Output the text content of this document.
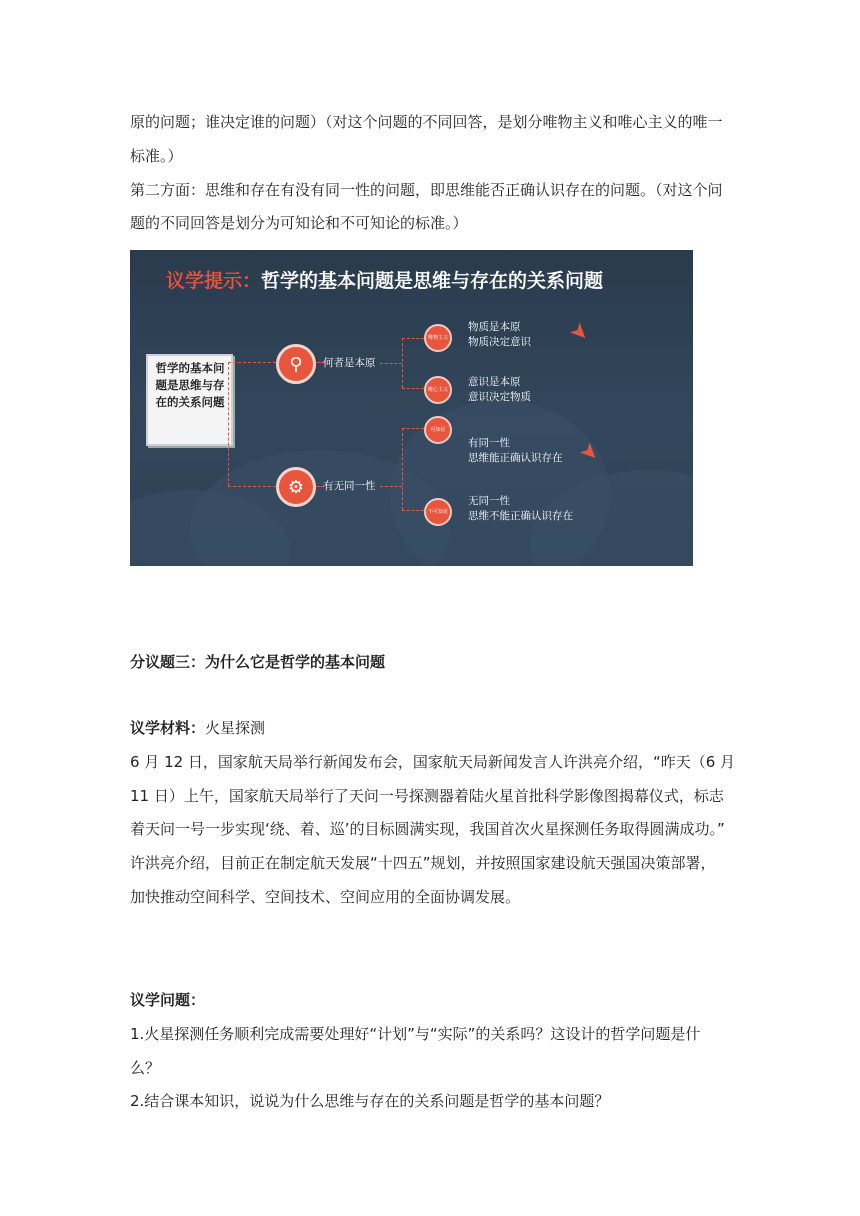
原的问题；谁决定谁的问题）（对这个问题的不同回答，是划分唯物主义和唯心主义的唯一
标准。）
第二方面：思维和存在有没有同一性的问题，即思维能否正确认识存在的问题。（对这个问
题的不同回答是划分为可知论和不可知论的标准。）
议学提示：哲学的基本问题是思维与存在的关系问题
哲学的基本问题是思维与存在的关系问题
⚲	何者是本原
⚙	有无同一性
唯物主义
物质是本原
物质决定意识
唯心主义
意识是本原
意识决定物质
可知论
有同一性
思维能正确认识存在
不可知论
无同一性
思维不能正确认识存在
➤
➤
分议题三：为什么它是哲学的基本问题
议学材料：火星探测
6 月 12 日，国家航天局举行新闻发布会，国家航天局新闻发言人许洪亮介绍，“昨天（6 月
11 日）上午，国家航天局举行了天问一号探测器着陆火星首批科学影像图揭幕仪式，标志
着天问一号一步实现‘绕、着、巡’的目标圆满实现，我国首次火星探测任务取得圆满成功。”
许洪亮介绍，目前正在制定航天发展“十四五”规划，并按照国家建设航天强国决策部署，
加快推动空间科学、空间技术、空间应用的全面协调发展。
议学问题：
1.火星探测任务顺利完成需要处理好“计划”与“实际”的关系吗？这设计的哲学问题是什
么？
2.结合课本知识，说说为什么思维与存在的关系问题是哲学的基本问题？
